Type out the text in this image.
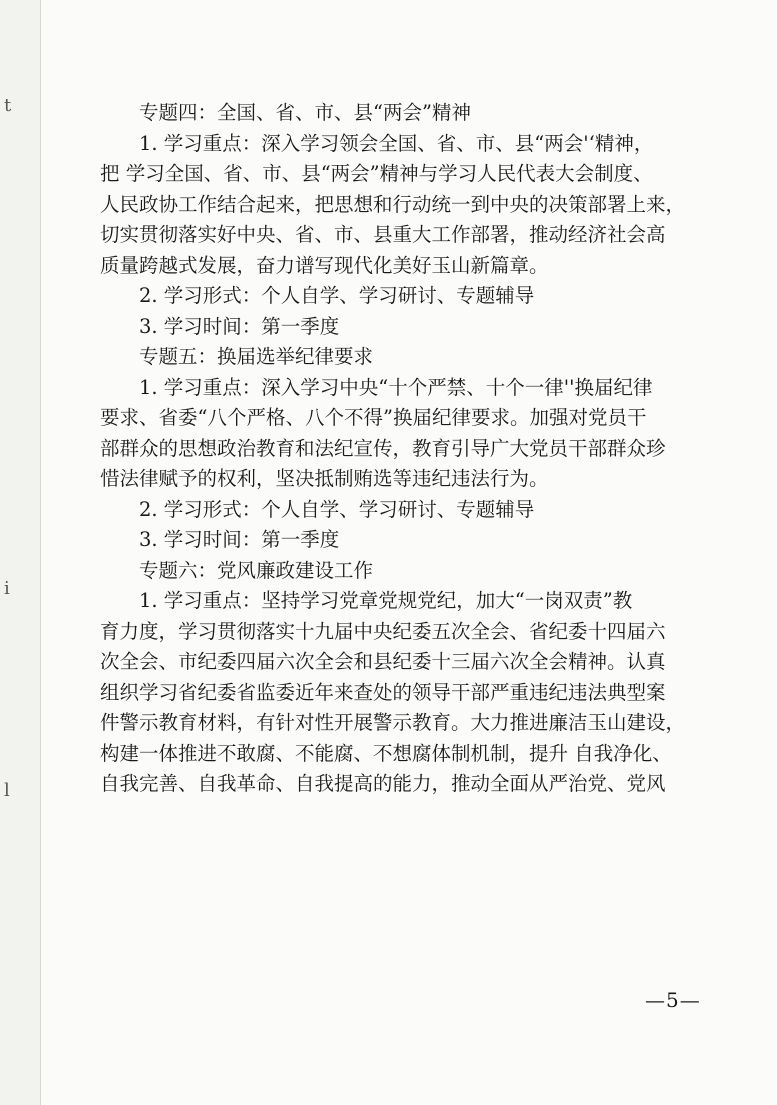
t
i
l
专题四：全国、省、市、县“两会”精神
1. 学习重点：深入学习领会全国、省、市、县“两会'‘精神，
把 学习全国、省、市、县“两会”精神与学习人民代表大会制度、
人民政协工作结合起来，把思想和行动统一到中央的决策部署上来，
切实贯彻落实好中央、省、市、县重大工作部署，推动经济社会高
质量跨越式发展，奋力谱写现代化美好玉山新篇章。
2. 学习形式：个人自学、学习研讨、专题辅导
3. 学习时间：第一季度
专题五：换届选举纪律要求
1. 学习重点：深入学习中央“十个严禁、十个一律''换届纪律
要求、省委“八个严格、八个不得”换届纪律要求。加强对党员干
部群众的思想政治教育和法纪宣传，教育引导广大党员干部群众珍
惜法律赋予的权利，坚决抵制贿选等违纪违法行为。
2. 学习形式：个人自学、学习研讨、专题辅导
3. 学习时间：第一季度
专题六：党风廉政建设工作
1. 学习重点：坚持学习党章党规党纪，加大“一岗双责”教
育力度，学习贯彻落实十九届中央纪委五次全会、省纪委十四届六
次全会、市纪委四届六次全会和县纪委十三届六次全会精神。认真
组织学习省纪委省监委近年来查处的领导干部严重违纪违法典型案
件警示教育材料，有针对性开展警示教育。大力推进廉洁玉山建设，
构建一体推进不敢腐、不能腐、不想腐体制机制，提升 自我净化、
自我完善、自我革命、自我提高的能力，推动全面从严治党、党风
—5—
